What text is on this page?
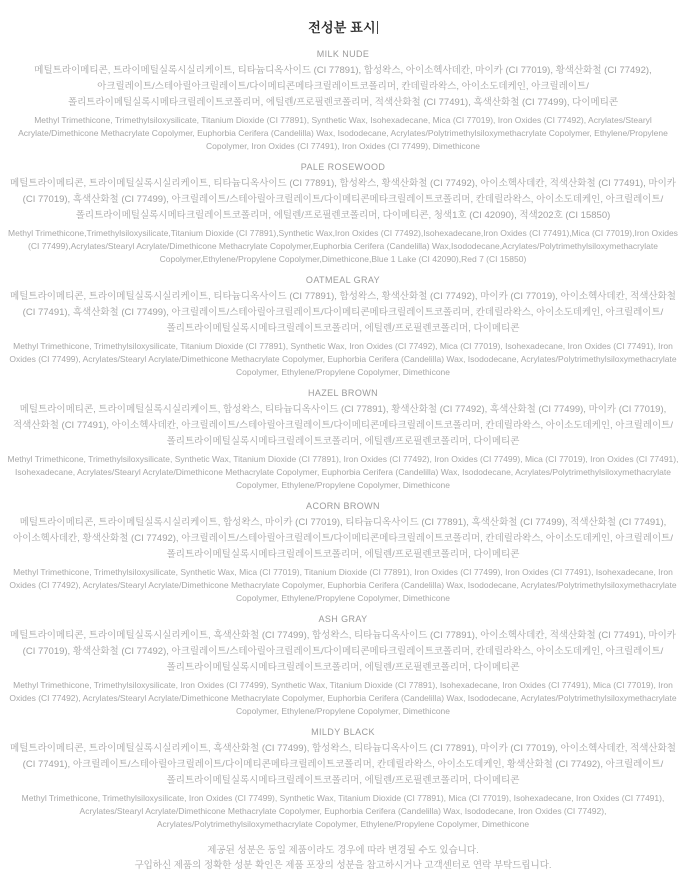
전성분 표시
MILK NUDE

메틸트라이메티콘, 트라이메틸실록시실리케이트, 티타늄디옥사이드 (CI 77891), 합성왁스, 아이소헥사데칸, 마이카 (CI 77019), 황색산화철 (CI 77492), 아크릴레이트/스테아릴아크릴레이트/다이메티콘메타크릴레이트코폴리머, 칸데릴라왁스, 아이소도데케인, 아크릴레이트/폴리트라이메틸실록시메타크릴레이트코폴리머, 에틸렌/프로필렌코폴리머, 적색산화철 (CI 77491), 흑색산화철 (CI 77499), 다이메티콘

Methyl Trimethicone, Trimethylsiloxysilicate, Titanium Dioxide (CI 77891), Synthetic Wax, Isohexadecane, Mica (CI 77019), Iron Oxides (CI 77492), Acrylates/Stearyl Acrylate/Dimethicone Methacrylate Copolymer, Euphorbia Cerifera (Candelilla) Wax, Isododecane, Acrylates/Polytrimethylsiloxymethacrylate Copolymer, Ethylene/Propylene Copolymer, Iron Oxides (CI 77491), Iron Oxides (CI 77499), Dimethicone

PALE ROSEWOOD

메틸트라이메티콘, 트라이메틸실록시실리케이트, 티타늄디옥사이드 (CI 77891), 합성왁스, 황색산화철 (CI 77492), 아이소헥사데칸, 적색산화철 (CI 77491), 마이카 (CI 77019), 흑색산화철 (CI 77499), 아크릴레이트/스테아릴아크릴레이트/다이메티콘메타크릴레이트코폴리머, 칸데릴라왁스, 아이소도데케인, 아크릴레이트/폴리트라이메틸실록시메타크릴레이트코폴리머, 에틸렌/프로필렌코폴리머, 다이메티콘, 청색1호 (CI 42090), 적색202호 (CI 15850)

Methyl Trimethicone,Trimethylsiloxysilicate,Titanium Dioxide (CI 77891),Synthetic Wax,Iron Oxides (CI 77492),Isohexadecane,Iron Oxides (CI 77491),Mica (CI 77019),Iron Oxides (CI 77499),Acrylates/Stearyl Acrylate/Dimethicone Methacrylate Copolymer,Euphorbia Cerifera (Candelilla) Wax,Isododecane,Acrylates/Polytrimethylsiloxymethacrylate Copolymer,Ethylene/Propylene Copolymer,Dimethicone,Blue 1 Lake (CI 42090),Red 7 (CI 15850)

OATMEAL GRAY

메틸트라이메티콘, 트라이메틸실록시실리케이트, 티타늄디옥사이드 (CI 77891), 합성왁스, 황색산화철 (CI 77492), 마이카 (CI 77019), 아이소헥사데칸, 적색산화철 (CI 77491), 흑색산화철 (CI 77499), 아크릴레이트/스테아릴아크릴레이트/다이메티콘메타크릴레이트코폴리머, 칸데릴라왁스, 아이소도데케인, 아크릴레이트/폴리트라이메틸실록시메타크릴레이트코폴리머, 에틸렌/프로필렌코폴리머, 다이메티콘

Methyl Trimethicone, Trimethylsiloxysilicate, Titanium Dioxide (CI 77891), Synthetic Wax, Iron Oxides (CI 77492), Mica (CI 77019), Isohexadecane, Iron Oxides (CI 77491), Iron Oxides (CI 77499), Acrylates/Stearyl Acrylate/Dimethicone Methacrylate Copolymer, Euphorbia Cerifera (Candelilla) Wax, Isododecane, Acrylates/Polytrimethylsiloxymethacrylate Copolymer, Ethylene/Propylene Copolymer, Dimethicone

HAZEL BROWN

메틸트라이메티콘, 트라이메틸실록시실리케이트, 합성왁스, 티타늄디옥사이드 (CI 77891), 황색산화철 (CI 77492), 흑색산화철 (CI 77499), 마이카 (CI 77019), 적색산화철 (CI 77491), 아이소헥사데칸, 아크릴레이트/스테아릴아크릴레이트/다이메티콘메타크릴레이트코폴리머, 칸데릴라왁스, 아이소도데케인, 아크릴레이트/폴리트라이메틸실록시메타크릴레이트코폴리머, 에틸렌/프로필렌코폴리머, 다이메티콘

Methyl Trimethicone, Trimethylsiloxysilicate, Synthetic Wax, Titanium Dioxide (CI 77891), Iron Oxides (CI 77492), Iron Oxides (CI 77499), Mica (CI 77019), Iron Oxides (CI 77491), Isohexadecane, Acrylates/Stearyl Acrylate/Dimethicone Methacrylate Copolymer, Euphorbia Cerifera (Candelilla) Wax, Isododecane, Acrylates/Polytrimethylsiloxymethacrylate Copolymer, Ethylene/Propylene Copolymer, Dimethicone

ACORN BROWN

메틸트라이메티콘, 트라이메틸실록시실리케이트, 합성왁스, 마이카 (CI 77019), 티타늄디옥사이드 (CI 77891), 흑색산화철 (CI 77499), 적색산화철 (CI 77491), 아이소헥사데칸, 황색산화철 (CI 77492), 아크릴레이트/스테아릴아크릴레이트/다이메티콘메타크릴레이트코폴리머, 칸데릴라왁스, 아이소도데케인, 아크릴레이트/폴리트라이메틸실록시메타크릴레이트코폴리머, 에틸렌/프로필렌코폴리머, 다이메티콘

Methyl Trimethicone, Trimethylsiloxysilicate, Synthetic Wax, Mica (CI 77019), Titanium Dioxide (CI 77891), Iron Oxides (CI 77499), Iron Oxides (CI 77491), Isohexadecane, Iron Oxides (CI 77492), Acrylates/Stearyl Acrylate/Dimethicone Methacrylate Copolymer, Euphorbia Cerifera (Candelilla) Wax, Isododecane, Acrylates/Polytrimethylsiloxymethacrylate Copolymer, Ethylene/Propylene Copolymer, Dimethicone

ASH GRAY

메틸트라이메티콘, 트라이메틸실록시실리케이트, 흑색산화철 (CI 77499), 합성왁스, 티타늄디옥사이드 (CI 77891), 아이소헥사데칸, 적색산화철 (CI 77491), 마이카 (CI 77019), 황색산화철 (CI 77492), 아크릴레이트/스테아릴아크릴레이트/다이메티콘메타크릴레이트코폴리머, 칸데릴라왁스, 아이소도데케인, 아크릴레이트/폴리트라이메틸실록시메타크릴레이트코폴리머, 에틸렌/프로필렌코폴리머, 다이메티콘

Methyl Trimethicone, Trimethylsiloxysilicate, Iron Oxides (CI 77499), Synthetic Wax, Titanium Dioxide (CI 77891), Isohexadecane, Iron Oxides (CI 77491), Mica (CI 77019), Iron Oxides (CI 77492), Acrylates/Stearyl Acrylate/Dimethicone Methacrylate Copolymer, Euphorbia Cerifera (Candelilla) Wax, Isododecane, Acrylates/Polytrimethylsiloxymethacrylate Copolymer, Ethylene/Propylene Copolymer, Dimethicone

MILDY BLACK

메틸트라이메티콘, 트라이메틸실록시실리케이트, 흑색산화철 (CI 77499), 합성왁스, 티타늄디옥사이드 (CI 77891), 마이카 (CI 77019), 아이소헥사데칸, 적색산화철 (CI 77491), 아크릴레이트/스테아릴아크릴레이트/다이메티콘메타크릴레이트코폴리머, 칸데릴라왁스, 아이소도데케인, 황색산화철 (CI 77492), 아크릴레이트/폴리트라이메틸실록시메타크릴레이트코폴리머, 에틸렌/프로필렌코폴리머, 다이메티콘

Methyl Trimethicone, Trimethylsiloxysilicate, Iron Oxides (CI 77499), Synthetic Wax, Titanium Dioxide (CI 77891), Mica (CI 77019), Isohexadecane, Iron Oxides (CI 77491), Acrylates/Stearyl Acrylate/Dimethicone Methacrylate Copolymer, Euphorbia Cerifera (Candelilla) Wax, Isododecane, Iron Oxides (CI 77492), Acrylates/Polytrimethylsiloxymethacrylate Copolymer, Ethylene/Propylene Copolymer, Dimethicone

제공된 성분은 동일 제품이라도 경우에 따라 변경될 수도 있습니다.
구입하신 제품의 정확한 성분 확인은 제품 포장의 성분을 참고하시거나 고객센터로 연락 부탁드립니다.
